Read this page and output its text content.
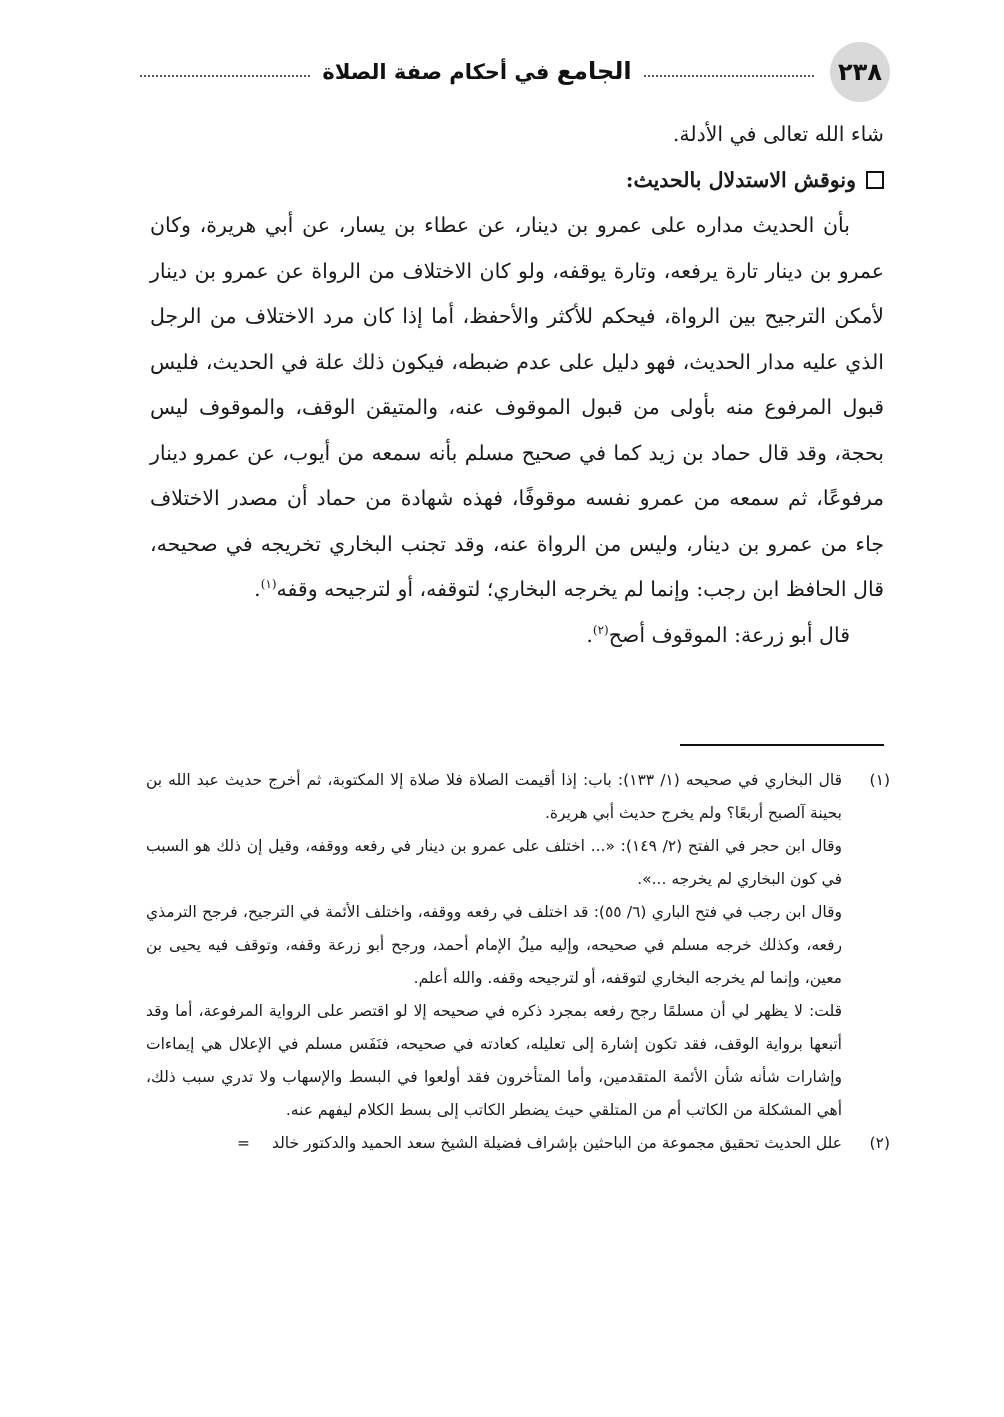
٢٣٨
الجامع في أحكام صفة الصلاة

شاء الله تعالى في الأدلة.

ونوقش الاستدلال بالحديث:

بأن الحديث مداره على عمرو بن دينار، عن عطاء بن يسار، عن أبي هريرة، وكان عمرو بن دينار تارة يرفعه، وتارة يوقفه، ولو كان الاختلاف من الرواة عن عمرو بن دينار لأمكن الترجيح بين الرواة، فيحكم للأكثر والأحفظ، أما إذا كان مرد الاختلاف من الرجل الذي عليه مدار الحديث، فهو دليل على عدم ضبطه، فيكون ذلك علة في الحديث، فليس قبول المرفوع منه بأولى من قبول الموقوف عنه، والمتيقن الوقف، والموقوف ليس بحجة، وقد قال حماد بن زيد كما في صحيح مسلم بأنه سمعه من أيوب، عن عمرو دينار مرفوعًا، ثم سمعه من عمرو نفسه موقوفًا، فهذه شهادة من حماد أن مصدر الاختلاف جاء من عمرو بن دينار، وليس من الرواة عنه، وقد تجنب البخاري تخريجه في صحيحه، قال الحافظ ابن رجب: وإنما لم يخرجه البخاري؛ لتوقفه، أو لترجيحه وقفه$^{(١)}$.

قال أبو زرعة: الموقوف أصح$^{(٢)}$.

(١)

قال البخاري في صحيحه (١/ ١٣٣): باب: إذا أقيمت الصلاة فلا صلاة إلا المكتوبة، ثم أخرج حديث عبد الله بن بحينة آلصبح أربعًا؟ ولم يخرج حديث أبي هريرة.

وقال ابن حجر في الفتح (٢/ ١٤٩): «... اختلف على عمرو بن دينار في رفعه ووقفه، وقيل إن ذلك هو السبب في كون البخاري لم يخرجه ...».

وقال ابن رجب في فتح الباري (٦/ ٥٥): قد اختلف في رفعه ووقفه، واختلف الأئمة في الترجيح، فرجح الترمذي رفعه، وكذلك خرجه مسلم في صحيحه، وإليه ميلُ الإمام أحمد، ورجح أبو زرعة وقفه، وتوقف فيه يحيى بن معين، وإنما لم يخرجه البخاري لتوقفه، أو لترجيحه وقفه. والله أعلم.

قلت: لا يظهر لي أن مسلمًا رجح رفعه بمجرد ذكره في صحيحه إلا لو اقتصر على الرواية المرفوعة، أما وقد أتبعها برواية الوقف، فقد تكون إشارة إلى تعليله، كعادته في صحيحه، فنَفَس مسلم في الإعلال هي إيماءات وإشارات شأنه شأن الأئمة المتقدمين، وأما المتأخرون فقد أولعوا في البسط والإسهاب ولا تدري سبب ذلك، أهي المشكلة من الكاتب أم من المتلقي حيث يضطر الكاتب إلى بسط الكلام ليفهم عنه.

(٢)

علل الحديث تحقيق مجموعة من الباحثين بإشراف فضيلة الشيخ سعد الحميد والدكتور خالد=
